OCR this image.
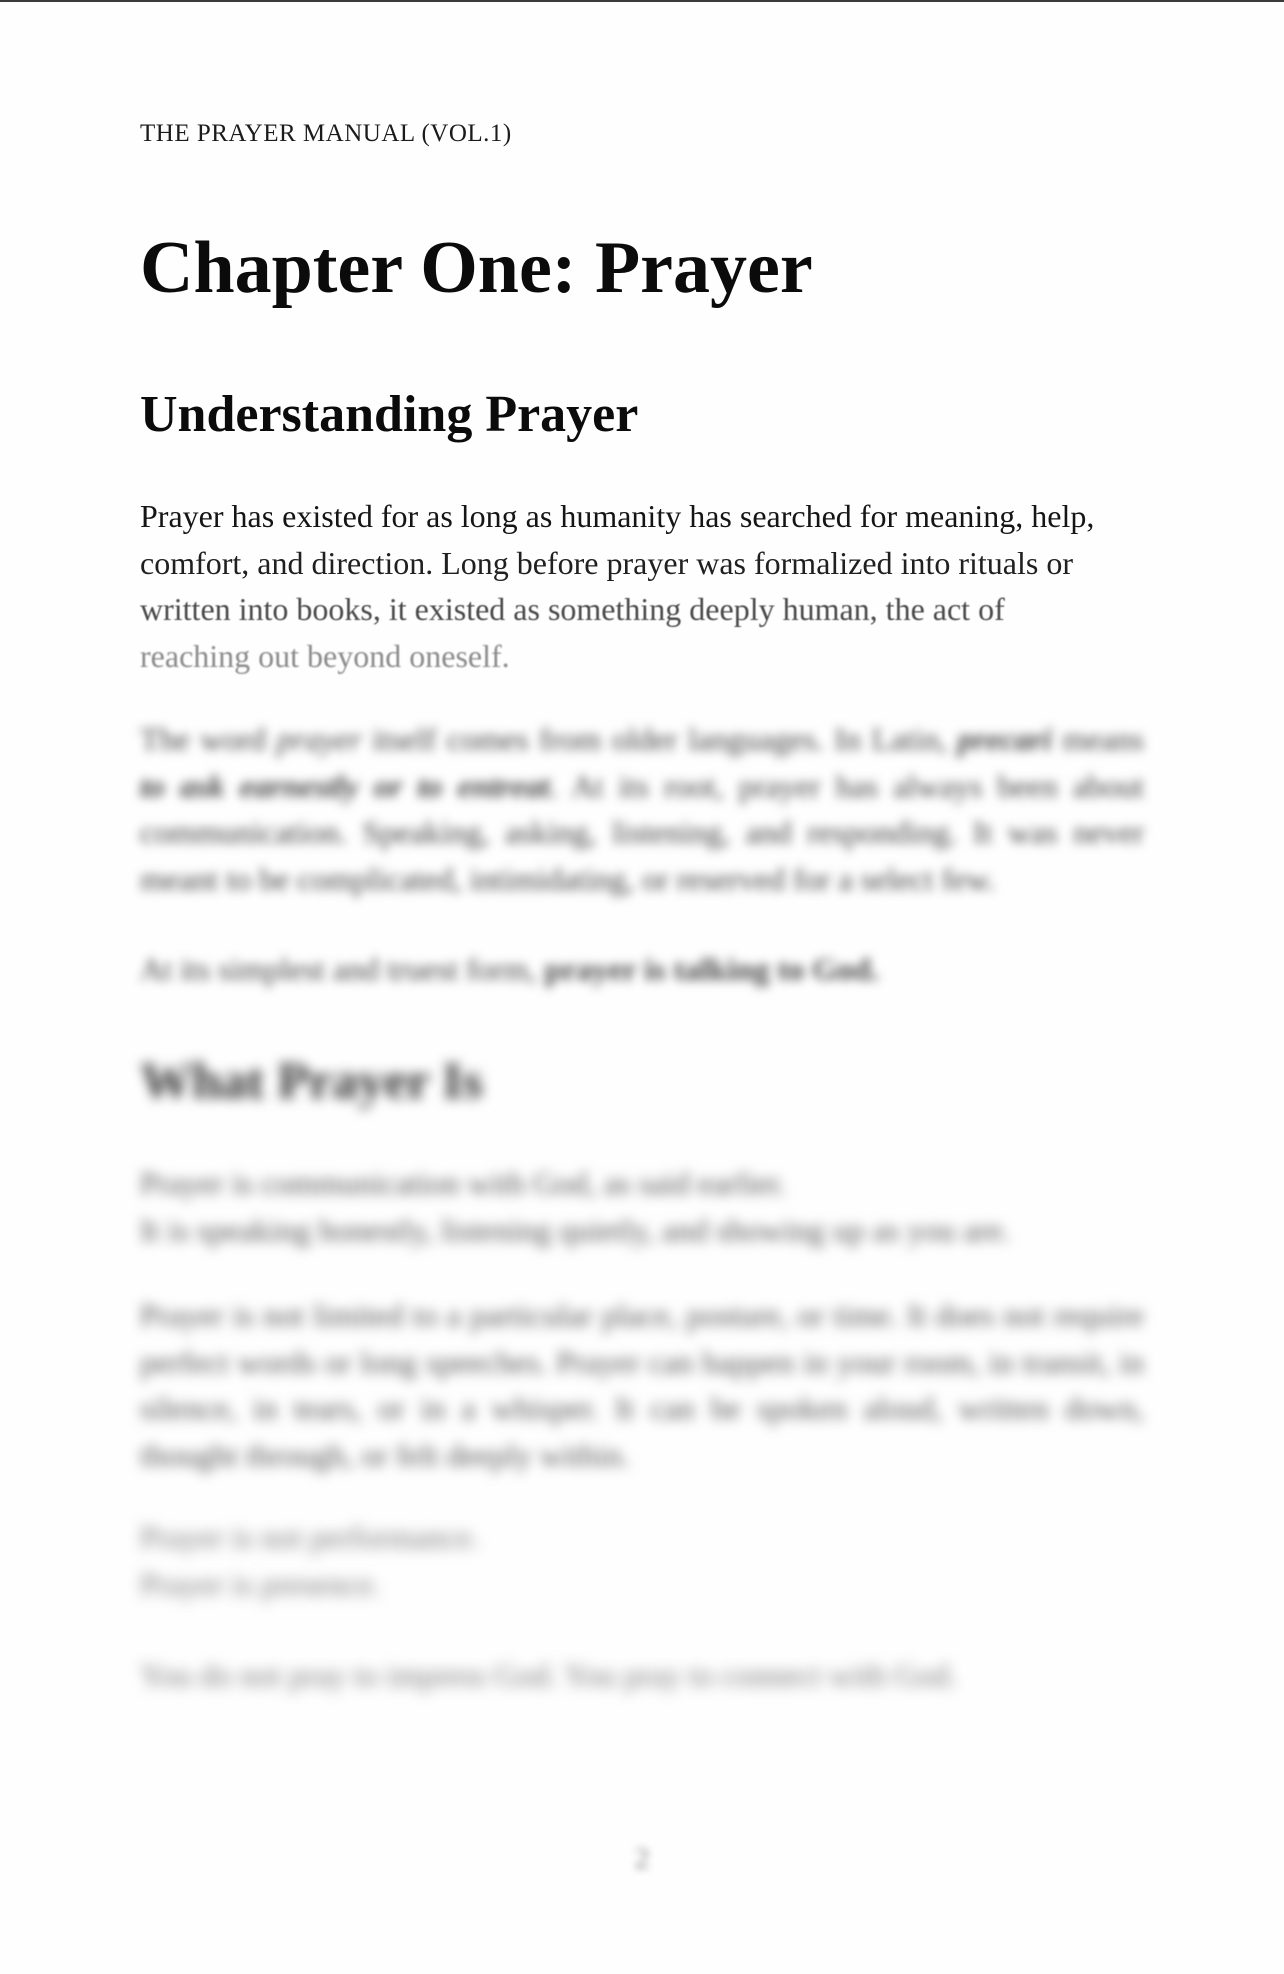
THE PRAYER MANUAL (VOL.1)
Chapter One: Prayer
Understanding Prayer

Prayer has existed for as long as humanity has searched for meaning, help,
comfort, and direction. Long before prayer was formalized into rituals or
written into books, it existed as something deeply human, the act of
reaching out beyond oneself.

The word prayer itself comes from older languages. In Latin, precari means to ask earnestly or to entreat. At its root, prayer has always been about communication. Speaking, asking, listening, and responding. It was never meant to be complicated, intimidating, or reserved for a select few.

At its simplest and truest form, prayer is talking to God.

What Prayer Is

Prayer is communication with God, as said earlier.
It is speaking honestly, listening quietly, and showing up as you are.

Prayer is not limited to a particular place, posture, or time. It does not require perfect words or long speeches. Prayer can happen in your room, in transit, in silence, in tears, or in a whisper. It can be spoken aloud, written down, thought through, or felt deeply within.

Prayer is not performance.
Prayer is presence.

You do not pray to impress God. You pray to connect with God.

2
